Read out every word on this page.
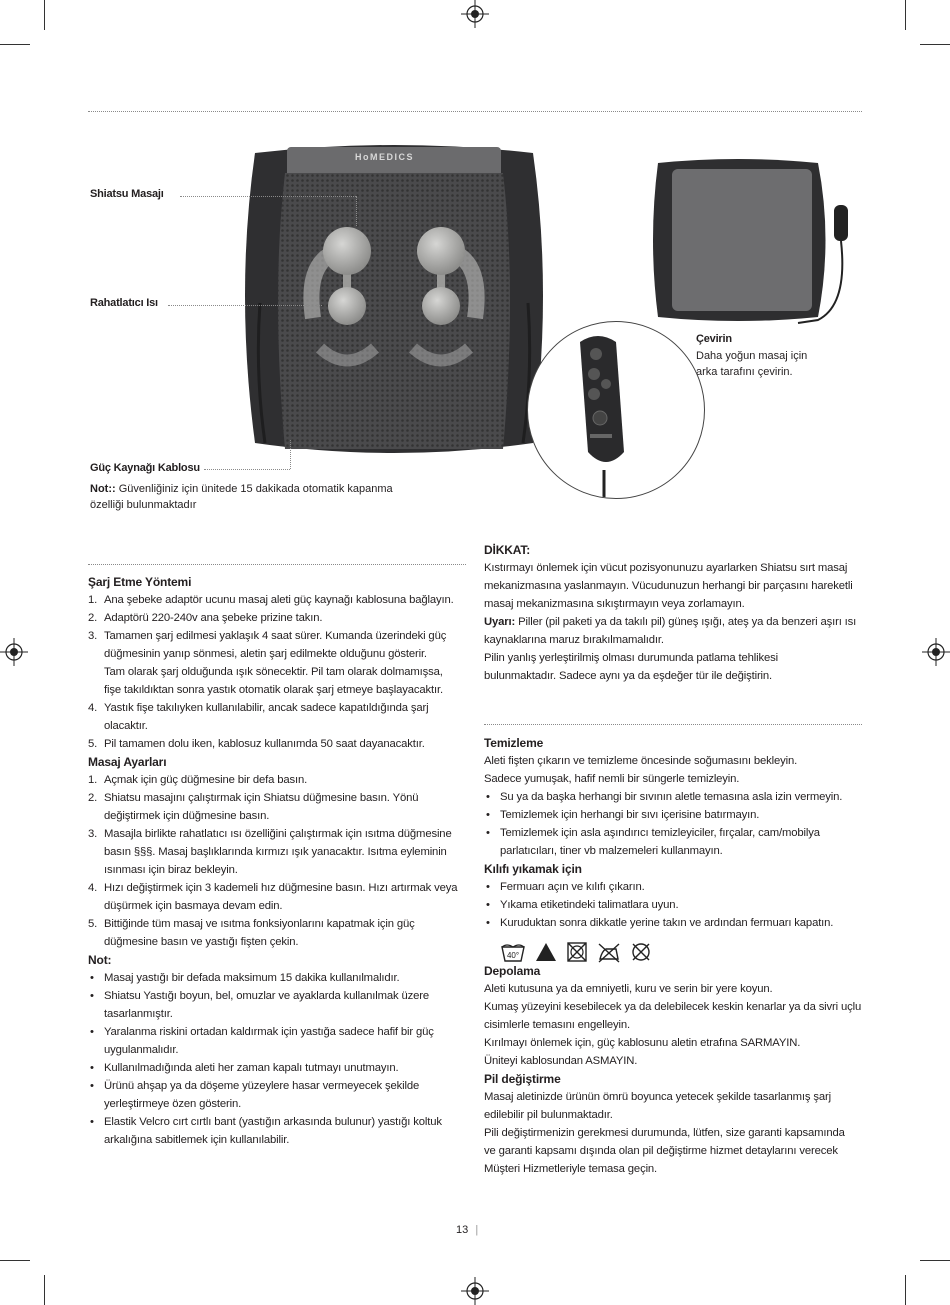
HoMEDICS
Shiatsu Masajı
Rahatlatıcı Isı
Güç Kaynağı Kablosu
Not:: Güvenliğiniz için ünitede 15 dakikada otomatik kapanma
özelliği bulunmaktadır
Çevirin
Daha yoğun masaj için
arka tarafını çevirin.
Şarj Etme Yöntemi
1. Ana şebeke adaptör ucunu masaj aleti güç kaynağı kablosuna bağlayın.

2. Adaptörü 220-240v ana şebeke prizine takın.

3. Tamamen şarj edilmesi yaklaşık 4 saat sürer. Kumanda üzerindeki güç

düğmesinin yanıp sönmesi, aletin şarj edilmekte olduğunu gösterir.

Tam olarak şarj olduğunda ışık sönecektir. Pil tam olarak dolmamışsa,

fişe takıldıktan sonra yastık otomatik olarak şarj etmeye başlayacaktır.

4. Yastık fişe takılıyken kullanılabilir, ancak sadece kapatıldığında şarj

olacaktır.

5. Pil tamamen dolu iken, kablosuz kullanımda 50 saat dayanacaktır.

Masaj Ayarları
1. Açmak için güç düğmesine bir defa basın.

2. Shiatsu masajını çalıştırmak için Shiatsu düğmesine basın. Yönü

değiştirmek için düğmesine basın.

3. Masajla birlikte rahatlatıcı ısı özelliğini çalıştırmak için ısıtma düğmesine

basın §§§. Masaj başlıklarında kırmızı ışık yanacaktır. Isıtma eyleminin

ısınması için biraz bekleyin.

4. Hızı değiştirmek için 3 kademeli hız düğmesine basın. Hızı artırmak veya

düşürmek için basmaya devam edin.

5. Bittiğinde tüm masaj ve ısıtma fonksiyonlarını kapatmak için güç

düğmesine basın ve yastığı fişten çekin.

Not:
• Masaj yastığı bir defada maksimum 15 dakika kullanılmalıdır.

• Shiatsu Yastığı boyun, bel, omuzlar ve ayaklarda kullanılmak üzere

tasarlanmıştır.

• Yaralanma riskini ortadan kaldırmak için yastığa sadece hafif bir güç

uygulanmalıdır.

• Kullanılmadığında aleti her zaman kapalı tutmayı unutmayın.

• Ürünü ahşap ya da döşeme yüzeylere hasar vermeyecek şekilde

yerleştirmeye özen gösterin.

• Elastik Velcro cırt cırtlı bant (yastığın arkasında bulunur) yastığı koltuk

arkalığına sabitlemek için kullanılabilir.

DİKKAT:

Kıstırmayı önlemek için vücut pozisyonunuzu ayarlarken Shiatsu sırt masaj

mekanizmasına yaslanmayın. Vücudunuzun herhangi bir parçasını hareketli

masaj mekanizmasına sıkıştırmayın veya zorlamayın.

Uyarı: Piller (pil paketi ya da takılı pil) güneş ışığı, ateş ya da benzeri aşırı ısı

kaynaklarına maruz bırakılmamalıdır.

Pilin yanlış yerleştirilmiş olması durumunda patlama tehlikesi

bulunmaktadır. Sadece aynı ya da eşdeğer tür ile değiştirin.

Temizleme

Aleti fişten çıkarın ve temizleme öncesinde soğumasını bekleyin.

Sadece yumuşak, hafif nemli bir süngerle temizleyin.

• Su ya da başka herhangi bir sıvının aletle temasına asla izin vermeyin.

• Temizlemek için herhangi bir sıvı içerisine batırmayın.

• Temizlemek için asla aşındırıcı temizleyiciler, fırçalar, cam/mobilya

parlatıcıları, tiner vb malzemeleri kullanmayın.

Kılıfı yıkamak için
• Fermuarı açın ve kılıfı çıkarın.

• Yıkama etiketindeki talimatlara uyun.

• Kuruduktan sonra dikkatle yerine takın ve ardından fermuarı kapatın.

Depolama

Aleti kutusuna ya da emniyetli, kuru ve serin bir yere koyun.

Kumaş yüzeyini kesebilecek ya da delebilecek keskin kenarlar ya da sivri uçlu

cisimlerle temasını engelleyin.

Kırılmayı önlemek için, güç kablosunu aletin etrafına SARMAYIN.

Üniteyi kablosundan ASMAYIN.

Pil değiştirme

Masaj aletinizde ürünün ömrü boyunca yetecek şekilde tasarlanmış şarj

edilebilir pil bulunmaktadır.

Pili değiştirmenizin gerekmesi durumunda, lütfen, size garanti kapsamında

ve garanti kapsamı dışında olan pil değiştirme hizmet detaylarını verecek

Müşteri Hizmetleriyle temasa geçin.

40°
13 |
